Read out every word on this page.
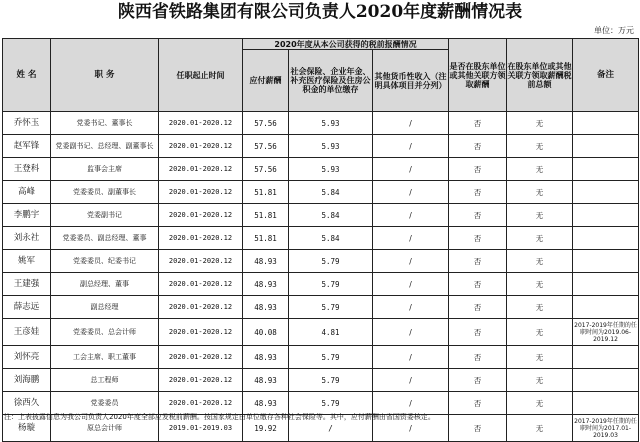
陕西省铁路集团有限公司负责人2020年度薪酬情况表
单位：万元
姓 名	职 务	任职起止时间	2020年度从本公司获得的税前报酬情况			是否在股东单位或其他关联方领取薪酬	在股东单位或其他关联方领取薪酬税前总额	备注
			应付薪酬	社会保险、企业年金、补充医疗保险及住房公积金的单位缴存	其他货币性收入（注明具体项目并分列）			
乔怀玉	党委书记、董事长	2020.01-2020.12	57.56	5.93	/	否	无	
赵军锋	党委副书记、总经理、副董事长	2020.01-2020.12	57.56	5.93	/	否	无	
王登科	监事会主席	2020.01-2020.12	57.56	5.93	/	否	无	
高峰	党委委员、副董事长	2020.01-2020.12	51.81	5.84	/	否	无	
李鹏宇	党委副书记	2020.01-2020.12	51.81	5.84	/	否	无	
刘永社	党委委员、副总经理、董事	2020.01-2020.12	51.81	5.84	/	否	无	
姚军	党委委员、纪委书记	2020.01-2020.12	48.93	5.79	/	否	无	
王建强	副总经理、董事	2020.01-2020.12	48.93	5.79	/	否	无	
薛志远	副总经理	2020.01-2020.12	48.93	5.79	/	否	无	
王彦娃	党委委员、总会计师	2020.01-2020.12	40.08	4.81	/	否	无	2017-2019年任期的任职时间为2019.06-2019.12
刘怀亮	工会主席、职工董事	2020.01-2020.12	48.93	5.79	/	否	无	
刘海鹏	总工程师	2020.01-2020.12	48.93	5.79	/	否	无	
徐西久	党委委员	2020.01-2020.12	48.93	5.79	/	否	无	
杨璇	原总会计师	2019.01-2019.03	19.92	/	/	否	无	2017-2019年任期的任职时间为2017.01-2019.03
注：上表披露信息为我公司负责人2020年度全部应发税前薪酬。按国家规定由单位缴存各种社会保险等。其中，应付薪酬由省国资委核定。
